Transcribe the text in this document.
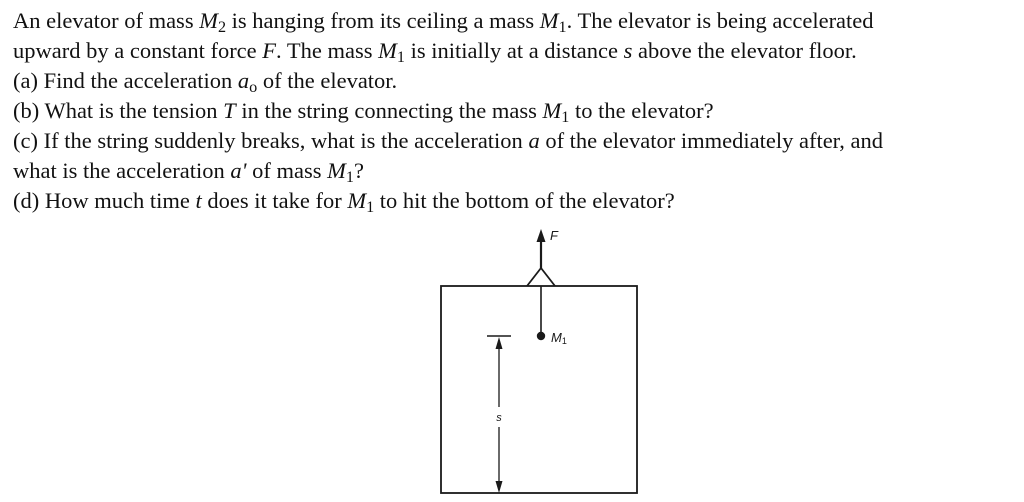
An elevator of mass $M_2$ is hanging from its ceiling a mass $M_1$. The elevator is being accelerated
upward by a constant force F. The mass $M_1$ is initially at a distance s above the elevator floor.
(a) Find the acceleration $a_o$ of the elevator.
(b) What is the tension T in the string connecting the mass $M_1$ to the elevator?
(c) If the string suddenly breaks, what is the acceleration a of the elevator immediately after, and
what is the acceleration a' of mass $M_1$?
(d) How much time t does it take for $M_1$ to hit the bottom of the elevator?
F
M1
s
